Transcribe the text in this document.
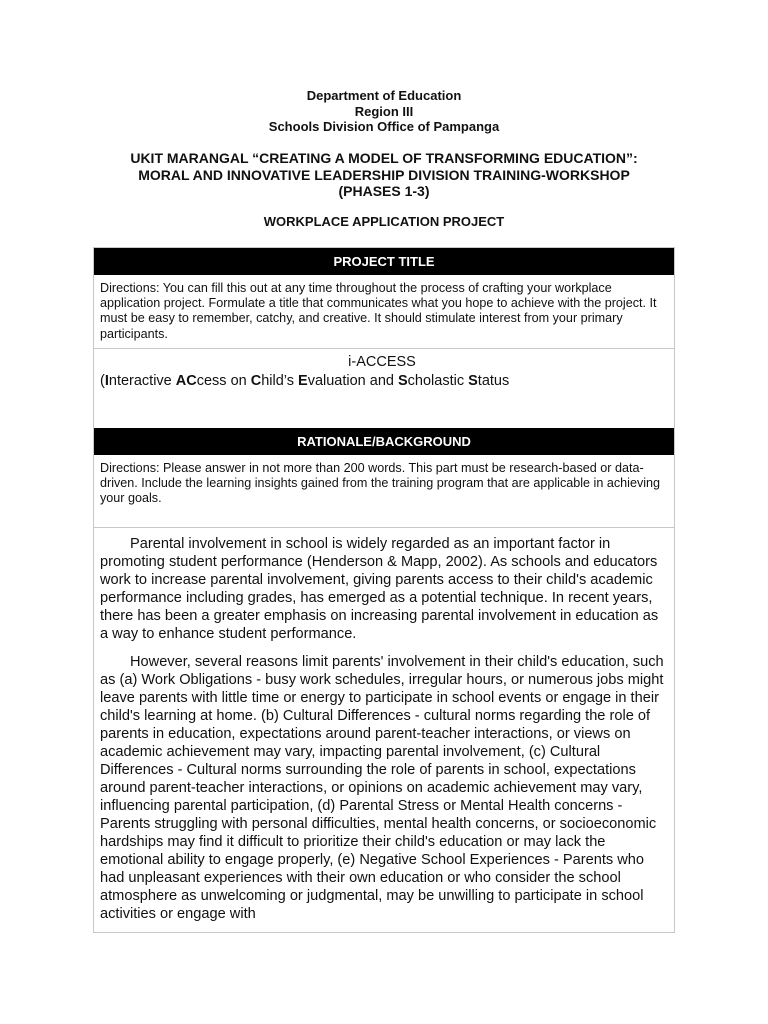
Department of Education
Region III
Schools Division Office of Pampanga
UKIT MARANGAL “CREATING A MODEL OF TRANSFORMING EDUCATION”:
MORAL AND INNOVATIVE LEADERSHIP DIVISION TRAINING-WORKSHOP
(PHASES 1-3)
WORKPLACE APPLICATION PROJECT
PROJECT TITLE
Directions: You can fill this out at any time throughout the process of crafting your workplace application project. Formulate a title that communicates what you hope to achieve with the project. It must be easy to remember, catchy, and creative. It should stimulate interest from your primary participants.
i-ACCESS
(Interactive ACcess on Child’s Evaluation and Scholastic Status
RATIONALE/BACKGROUND
Directions: Please answer in not more than 200 words. This part must be research-based or data-driven. Include the learning insights gained from the training program that are applicable in achieving your goals.

Parental involvement in school is widely regarded as an important factor in promoting student performance (Henderson & Mapp, 2002). As schools and educators work to increase parental involvement, giving parents access to their child's academic performance including grades, has emerged as a potential technique. In recent years, there has been a greater emphasis on increasing parental involvement in education as a way to enhance student performance.

However, several reasons limit parents' involvement in their child's education, such as (a) Work Obligations - busy work schedules, irregular hours, or numerous jobs might leave parents with little time or energy to participate in school events or engage in their child's learning at home. (b) Cultural Differences - cultural norms regarding the role of parents in education, expectations around parent-teacher interactions, or views on academic achievement may vary, impacting parental involvement, (c) Cultural Differences - Cultural norms surrounding the role of parents in school, expectations around parent-teacher interactions, or opinions on academic achievement may vary, influencing parental participation, (d) Parental Stress or Mental Health concerns - Parents struggling with personal difficulties, mental health concerns, or socioeconomic hardships may find it difficult to prioritize their child's education or may lack the emotional ability to engage properly, (e) Negative School Experiences - Parents who had unpleasant experiences with their own education or who consider the school atmosphere as unwelcoming or judgmental, may be unwilling to participate in school activities or engage with
